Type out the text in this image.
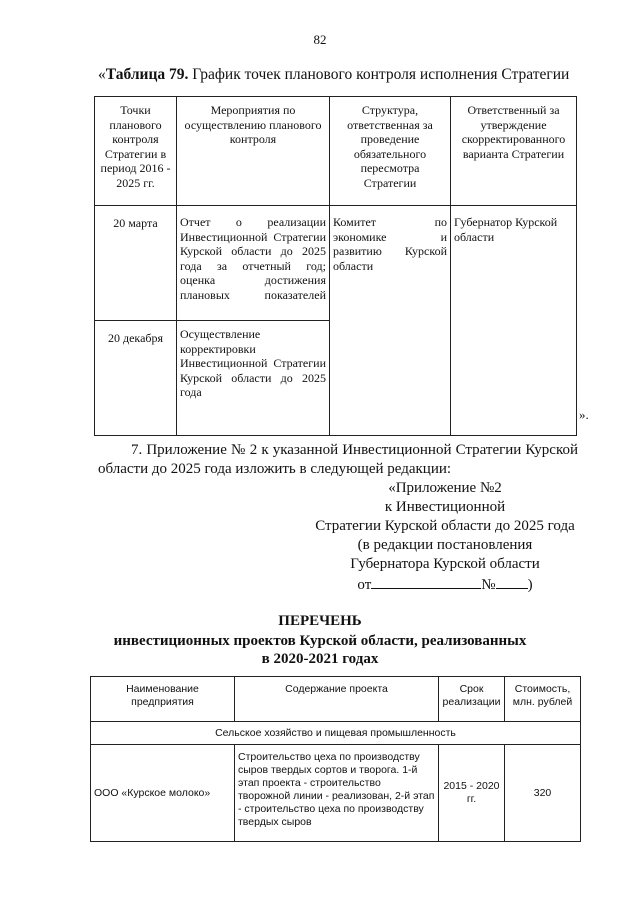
82
«Таблица 79. График точек планового контроля исполнения Стратегии
Точки планового контроля Стратегии в период 2016 - 2025 гг.	Мероприятия по осуществлению планового контроля	Структура, ответственная за проведение обязательного пересмотра Стратегии	Ответственный за утверждение скорректированного варианта Стратегии
20 марта	Отчет о реализации Инвестиционной Стратегии Курской области до 2025 года за отчетный год; оценка достижения плановых показателей	Комитет по экономике и развитию Курской области	Губернатор Курской области
20 декабря	Осуществление корректировки Инвестиционной Стратегии Курской области до 2025 года		
».
7. Приложение № 2 к указанной Инвестиционной Стратегии Курской
области до 2025 года изложить в следующей редакции:
«Приложение №2
к Инвестиционной
Стратегии Курской области до 2025 года
(в редакции постановления
Губернатора Курской области
от	№ )
ПЕРЕЧЕНЬ
инвестиционных проектов Курской области, реализованных
в 2020-2021 годах
Наименование предприятия	Содержание проекта	Срок реализации	Стоимость, млн. рублей
Сельское хозяйство и пищевая промышленность			
ООО «Курское молоко»	Строительство цеха по производству сыров твердых сортов и творога. 1-й этап проекта - строительство творожной линии - реализован, 2-й этап - строительство цеха по производству твердых сыров	2015 - 2020 гг.	320
